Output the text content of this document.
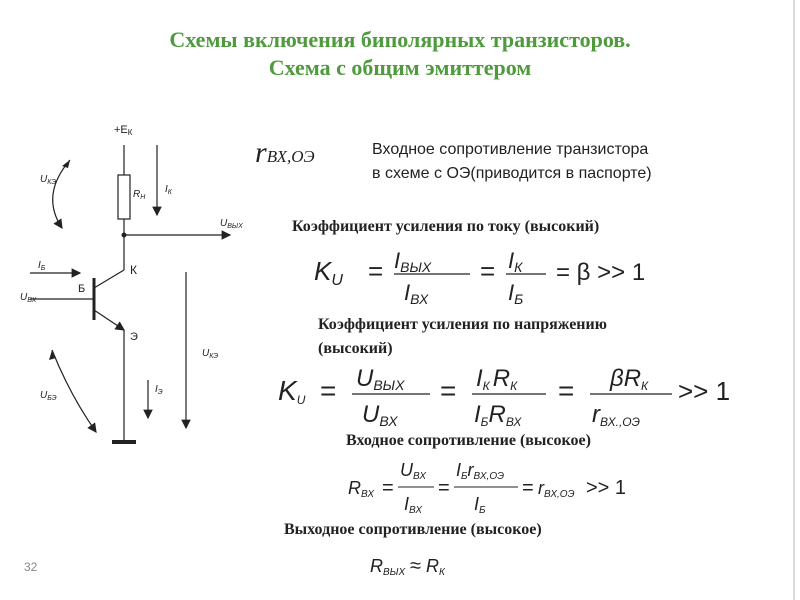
Схемы включения биполярных транзисторов.
Схема с общим эмиттером
+EК
$R_Н$
$U_{ВЫХ}$
$I_К$
$U_{КЭ}$
К
Б
Э
$I_Б$
$U_{ВХ}$
$I_Э$
$U_{КЭ}$
$U_{БЭ}$
rВХ,ОЭ	Входное сопротивление транзистора
в схеме с ОЭ(приводится в паспорте)
Коэффициент усиления по току (высокий)
KU = IВЫХ
IВХ
= IК
IБ
= β >> 1
Коэффициент усиления по напряжению
(высокий)
KU = UВЫХ
UВХ
= IК RК
IБRВХ
= βRК
rВХ.,ОЭ
>> 1
Входное сопротивление (высокое)
RВХ =
UВХ
IВХ
=
IБrВХ,ОЭ
IБ
= rВХ,ОЭ >> 1
Выходное сопротивление (высокое)
RВЫХ ≈ RК
32
